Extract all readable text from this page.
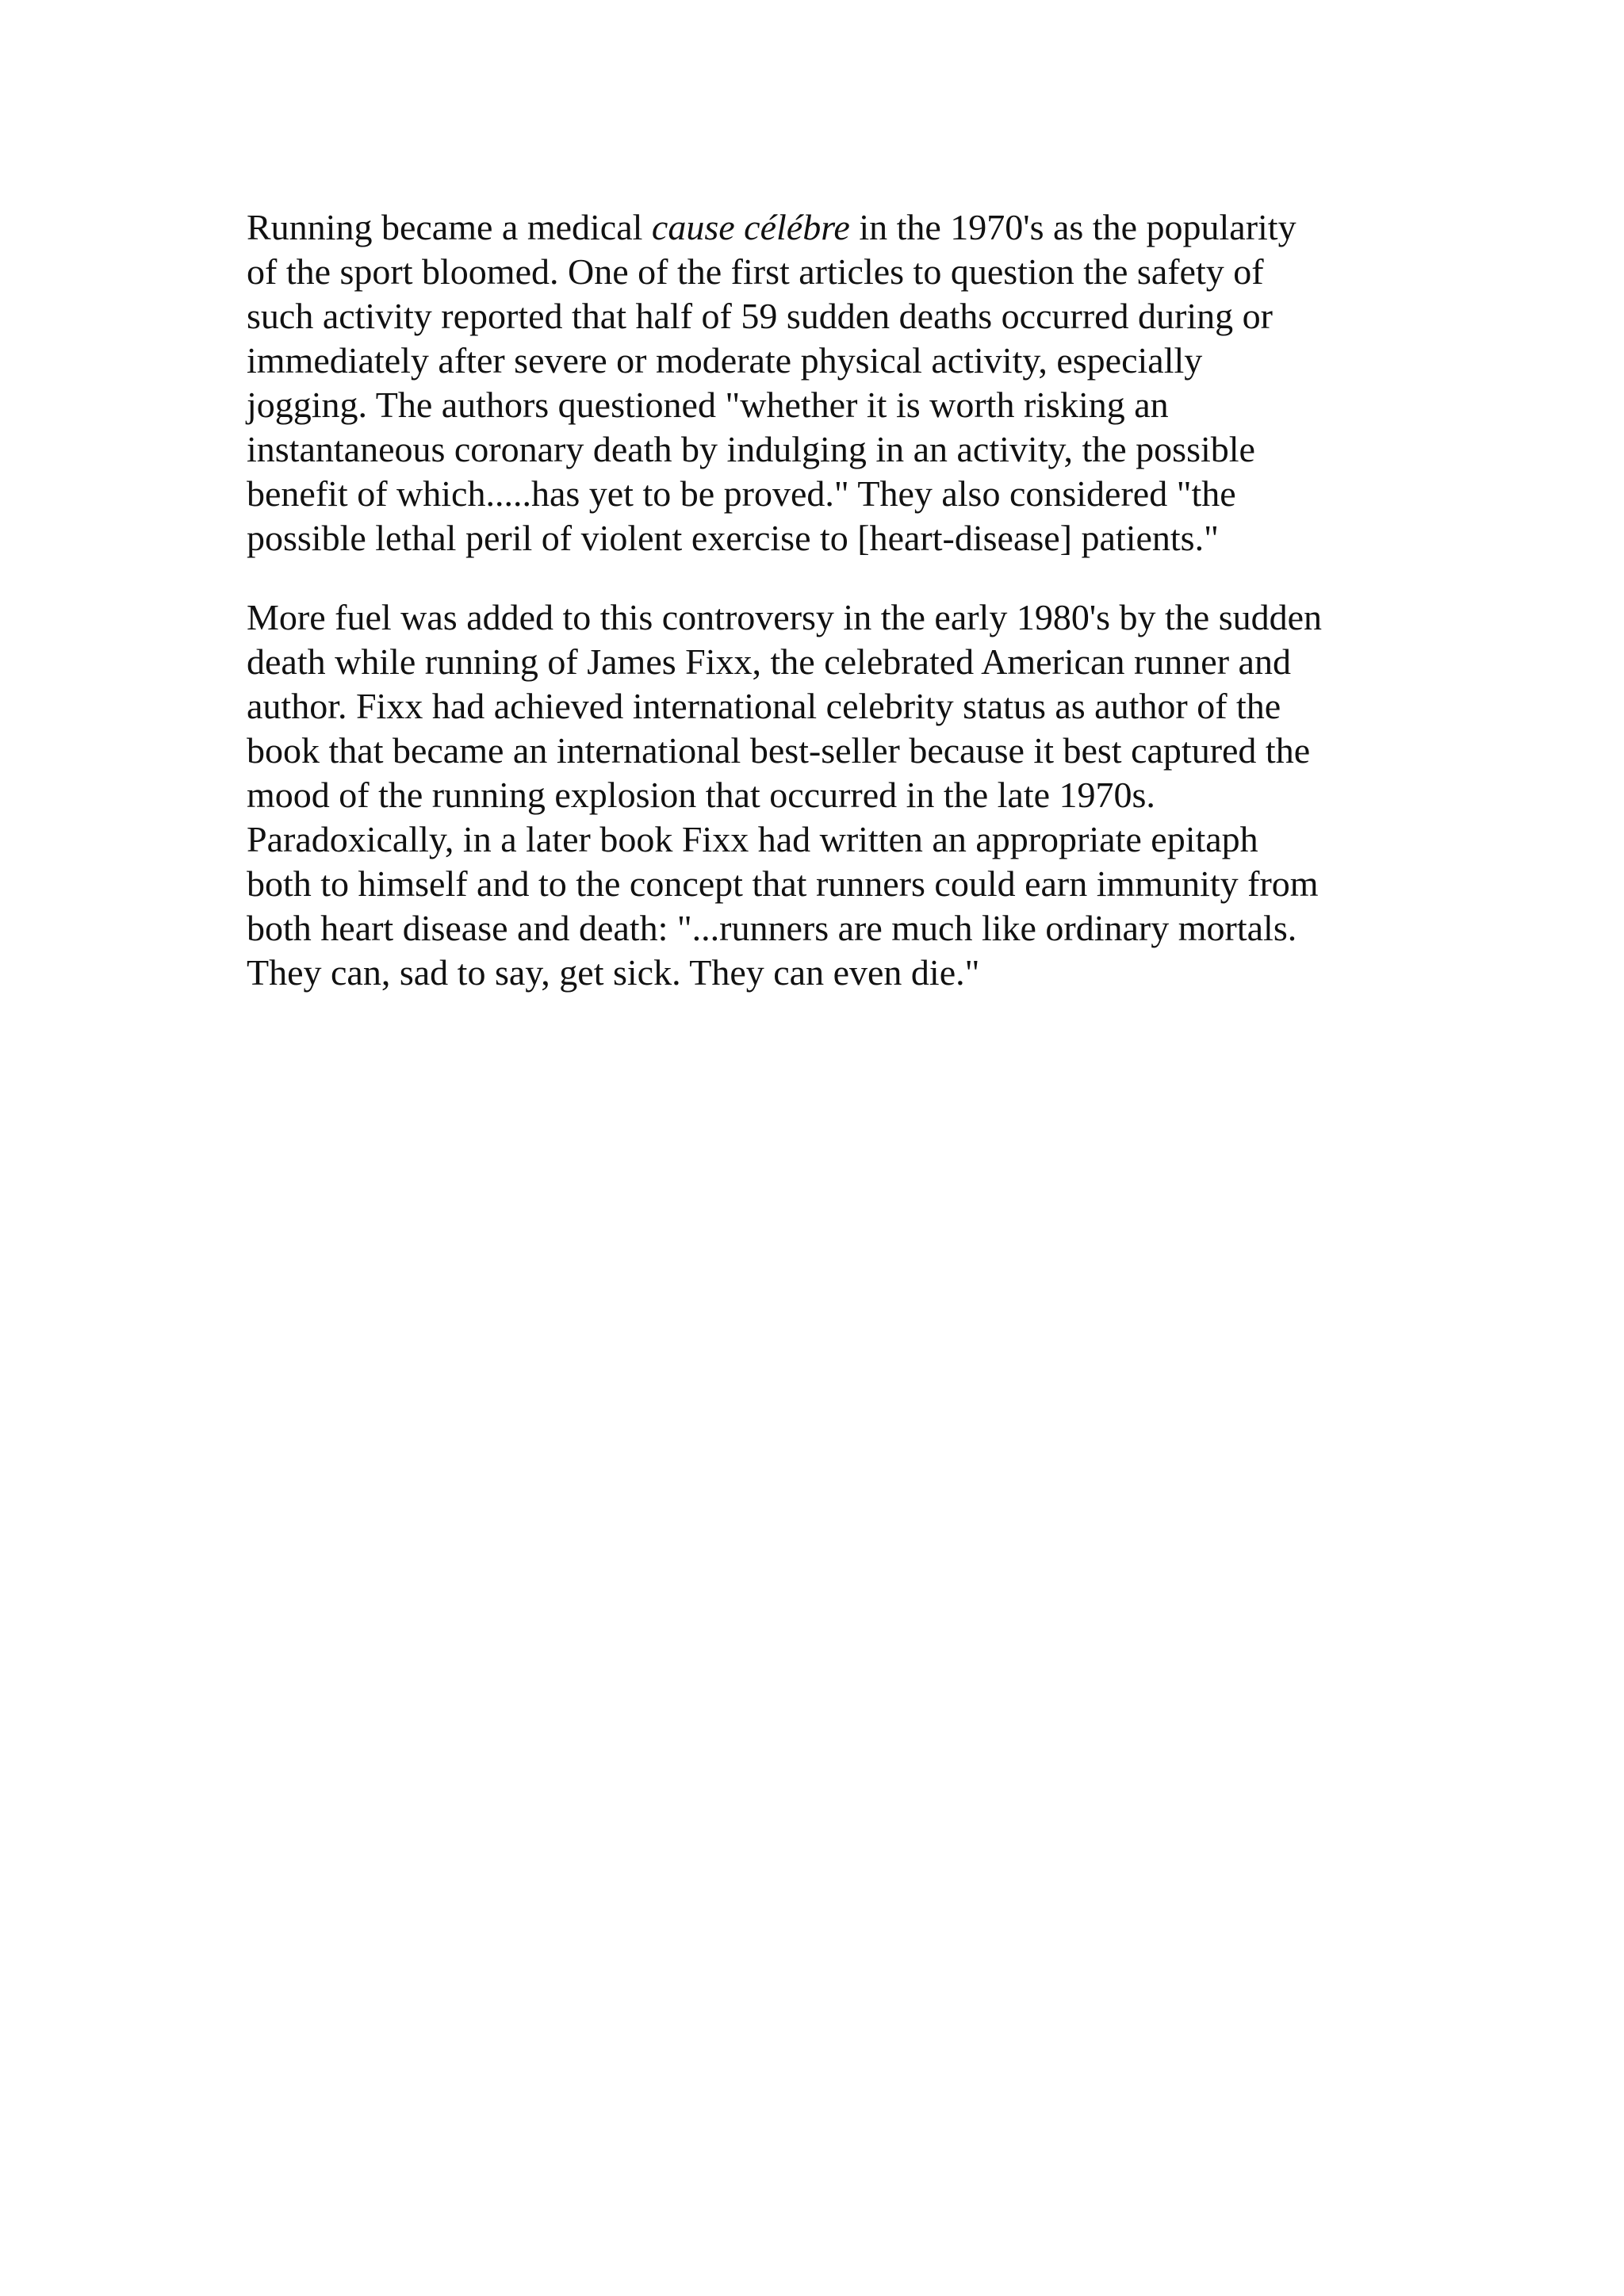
Running became a medical cause célébre in the 1970's as the popularity
of the sport bloomed. One of the first articles to question the safety of
such activity reported that half of 59 sudden deaths occurred during or
immediately after severe or moderate physical activity, especially
jogging. The authors questioned "whether it is worth risking an
instantaneous coronary death by indulging in an activity, the possible
benefit of which.....has yet to be proved." They also considered "the
possible lethal peril of violent exercise to [heart-disease] patients."

More fuel was added to this controversy in the early 1980's by the sudden
death while running of James Fixx, the celebrated American runner and
author. Fixx had achieved international celebrity status as author of the
book that became an international best-seller because it best captured the
mood of the running explosion that occurred in the late 1970s.
Paradoxically, in a later book Fixx had written an appropriate epitaph
both to himself and to the concept that runners could earn immunity from
both heart disease and death: "...runners are much like ordinary mortals.
They can, sad to say, get sick. They can even die."
